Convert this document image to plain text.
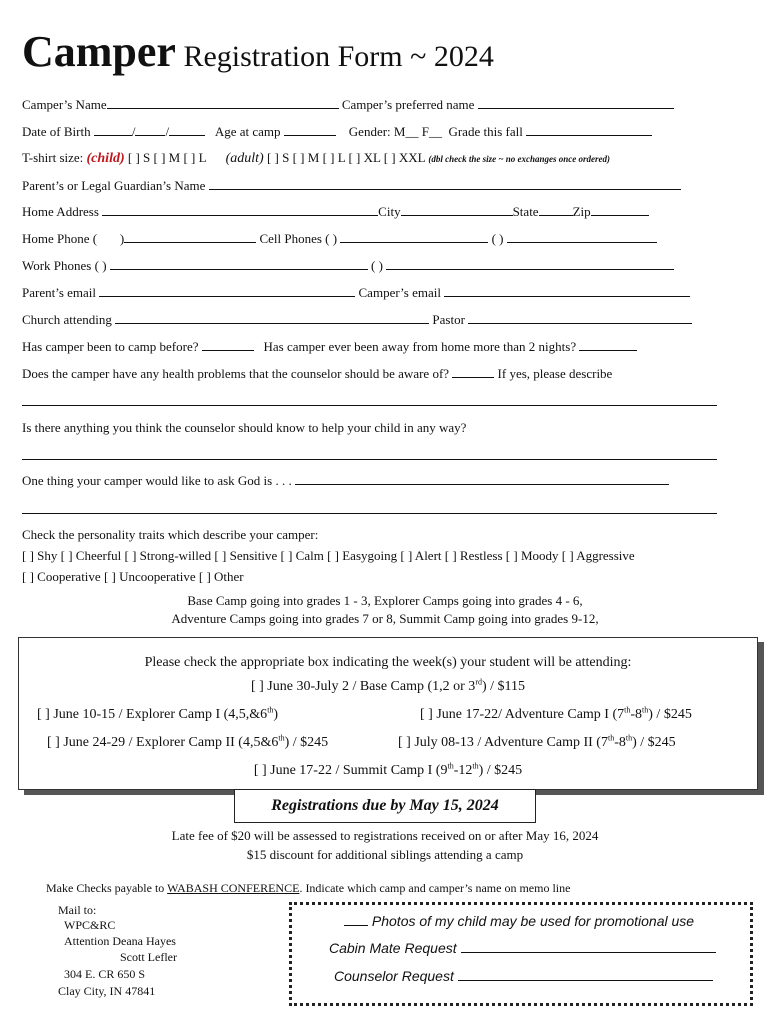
Camper Registration Form ~ 2024
Camper’s Name	Camper’s preferred name
Date of Birth	/ /	Age at camp	Gender: M__ F__ Grade this fall
T-shirt size: (child) [ ] S [ ] M [ ] L (adult) [ ] S [ ] M [ ] L [ ] XL [ ] XXL (dbl check the size ~ no exchanges once ordered)
Parent’s or Legal Guardian’s Name
Home Address	City	State	Zip
Home Phone ( )	Cell Phones ( )	( )
Work Phones ( )	( )
Parent’s email	Camper’s email
Church attending	Pastor
Has camper been to camp before?	Has camper ever been away from home more than 2 nights?
Does the camper have any health problems that the counselor should be aware of?	If yes, please describe
Is there anything you think the counselor should know to help your child in any way?
One thing your camper would like to ask God is . . .
Check the personality traits which describe your camper:
[ ] Shy [ ] Cheerful [ ] Strong-willed [ ] Sensitive [ ] Calm [ ] Easygoing [ ] Alert [ ] Restless [ ] Moody [ ] Aggressive
[ ] Cooperative [ ] Uncooperative [ ] Other
Base Camp going into grades 1 - 3, Explorer Camps going into grades 4 - 6,
Adventure Camps going into grades 7 or 8, Summit Camp going into grades 9-12,
Please check the appropriate box indicating the week(s) your student will be attending:
[ ] June 30-July 2 / Base Camp (1,2 or 3rd) / $115
[ ] June 10-15 / Explorer Camp I (4,5,&6th)	[ ] June 17-22/ Adventure Camp I (7th-8th) / $245
[ ] June 24-29 / Explorer Camp II (4,5&6th) / $245	[ ] July 08-13 / Adventure Camp II (7th-8th) / $245
[ ] June 17-22 / Summit Camp I (9th-12th) / $245
Registrations due by May 15, 2024
Late fee of $20 will be assessed to registrations received on or after May 16, 2024
$15 discount for additional siblings attending a camp
Make Checks payable to WABASH CONFERENCE. Indicate which camp and camper’s name on memo line
Mail to:
WPC&RC
Attention Deana Hayes
Scott Lefler
304 E. CR 650 S
Clay City, IN 47841
Photos of my child may be used for promotional use
Cabin Mate Request
Counselor Request
